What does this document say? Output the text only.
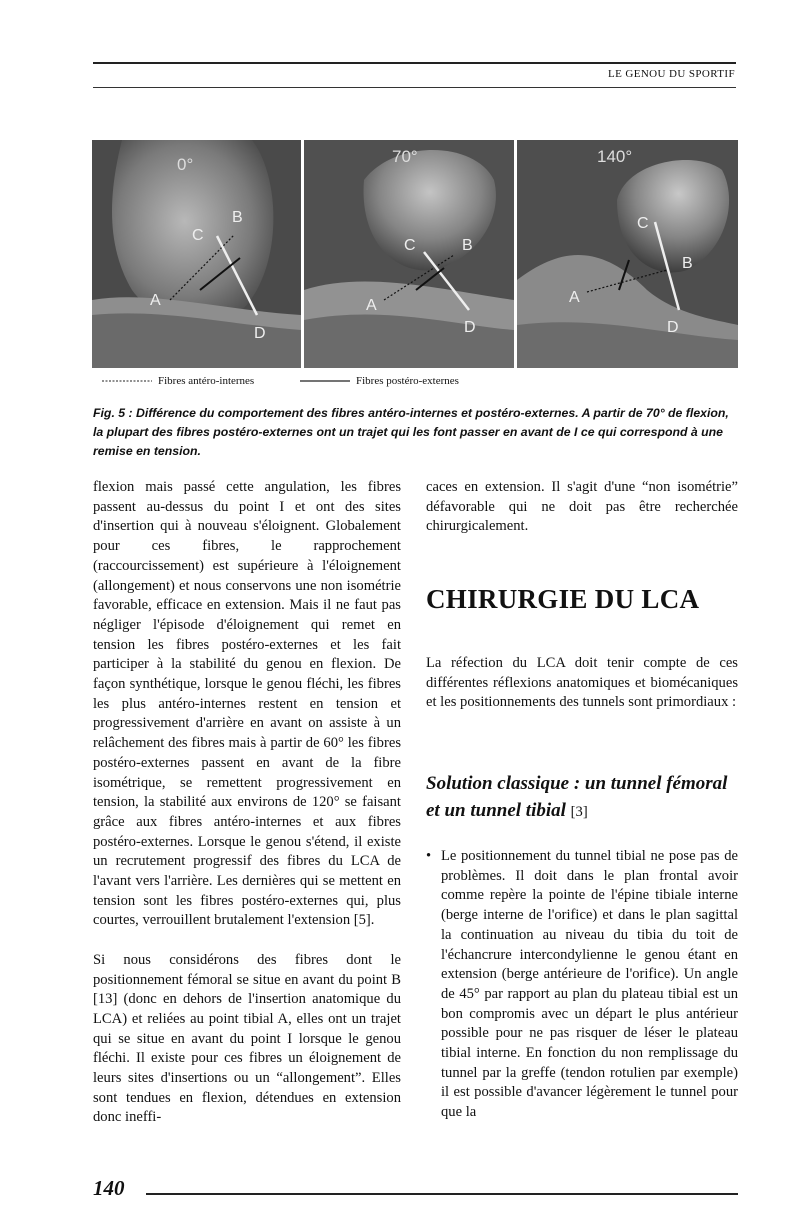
LE GENOU DU SPORTIF
0°
B
C
A
D
70°
B
C
A
D
140°
B
C
A
D
Fibres antéro-internes	Fibres postéro-externes
Fig. 5 : Différence du comportement des fibres antéro-internes et postéro-externes. A partir de 70° de flexion, la plupart des fibres postéro-externes ont un trajet qui les font passer en avant de I ce qui correspond à une remise en tension.

flexion mais passé cette angulation, les fibres passent au-dessus du point I et ont des sites d'insertion qui à nouveau s'éloignent. Globalement pour ces fibres, le rapprochement (raccourcissement) est supérieure à l'éloignement (allongement) et nous conservons une non isométrie favorable, efficace en extension. Mais il ne faut pas négliger l'épisode d'éloignement qui remet en tension les fibres postéro-externes et les fait participer à la stabilité du genou en flexion. De façon synthétique, lorsque le genou fléchi, les fibres les plus antéro-internes restent en tension et progressivement d'arrière en avant on assiste à un relâchement des fibres mais à partir de 60° les fibres postéro-externes passent en avant de la fibre isométrique, se remettent progressivement en tension, la stabilité aux environs de 120° se faisant grâce aux fibres antéro-internes et aux fibres postéro-externes. Lorsque le genou s'étend, il existe un recrutement progressif des fibres du LCA de l'avant vers l'arrière. Les dernières qui se mettent en tension sont les fibres postéro-externes qui, plus courtes, verrouillent brutalement l'extension [5].

Si nous considérons des fibres dont le positionnement fémoral se situe en avant du point B [13] (donc en dehors de l'insertion anatomique du LCA) et reliées au point tibial A, elles ont un trajet qui se situe en avant du point I lorsque le genou fléchi. Il existe pour ces fibres un éloignement de leurs sites d'insertions ou un “allongement”. Elles sont tendues en flexion, détendues en extension donc ineffi-

caces en extension. Il s'agit d'une “non isométrie” défavorable qui ne doit pas être recherchée chirurgicalement.

CHIRURGIE DU LCA

La réfection du LCA doit tenir compte de ces différentes réflexions anatomiques et biomécaniques et les positionnements des tunnels sont primordiaux :

Solution classique : un tunnel fémoral et un tunnel tibial [3]
• Le positionnement du tunnel tibial ne pose pas de problèmes. Il doit dans le plan frontal avoir comme repère la pointe de l'épine tibiale interne (berge interne de l'orifice) et dans le plan sagittal la continuation au niveau du tibia du toit de l'échancrure intercondylienne le genou étant en extension (berge antérieure de l'orifice). Un angle de 45° par rapport au plan du plateau tibial est un bon compromis avec un départ le plus antérieur possible pour ne pas risquer de léser le plateau tibial interne. En fonction du non remplissage du tunnel par la greffe (tendon rotulien par exemple) il est possible d'avancer légèrement le tunnel pour que la
140
